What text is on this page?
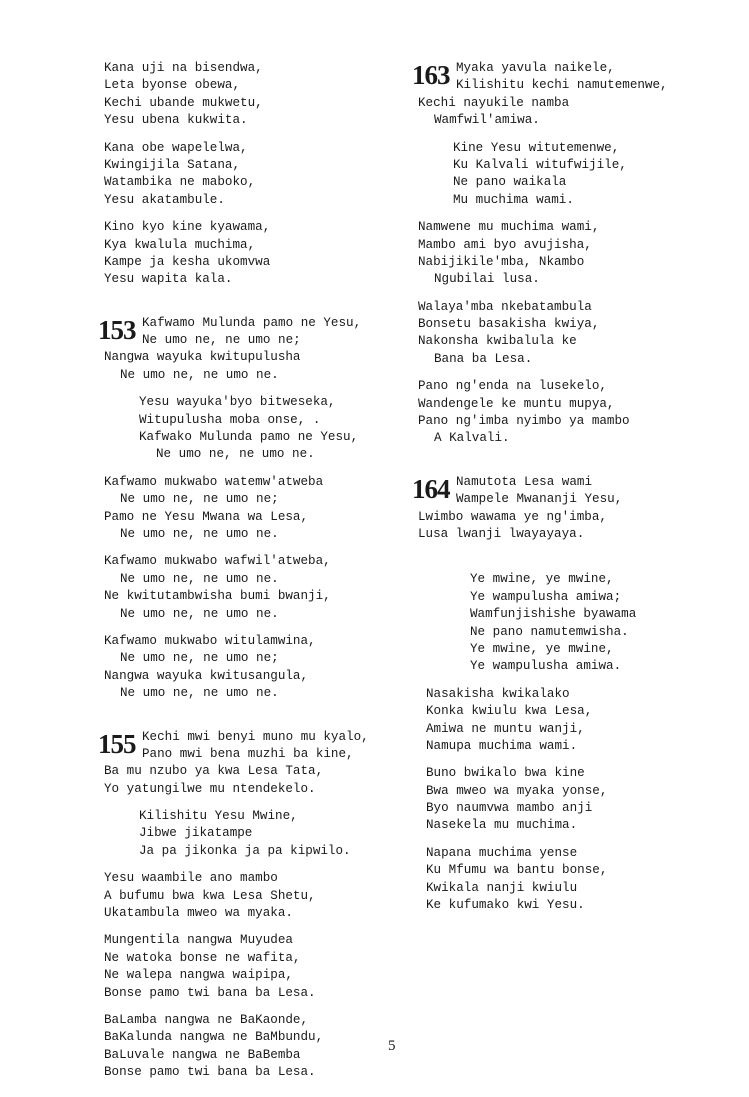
Kana uji na bisendwa,
Leta byonse obewa,
Kechi ubande mukwetu,
Yesu ubena kukwita.
Kana obe wapelelwa,
Kwingijila Satana,
Watambika ne maboko,
Yesu akatambule.
Kino kyo kine kyawama,
Kya kwalula muchima,
Kampe ja kesha ukomvwa
Yesu wapita kala.
153 Kafwamo Mulunda pamo ne Yesu,
Ne umo ne, ne umo ne;
Nangwa wayuka kwitupulusha
Ne umo ne, ne umo ne.
Yesu wayuka'byo bitweseka,
Witupulusha moba onse, .
Kafwako Mulunda pamo ne Yesu,
Ne umo ne, ne umo ne.
Kafwamo mukwabo watemw'atweba
Ne umo ne, ne umo ne;
Pamo ne Yesu Mwana wa Lesa,
Ne umo ne, ne umo ne.
Kafwamo mukwabo wafwil'atweba,
Ne umo ne, ne umo ne.
Ne kwitutambwisha bumi bwanji,
Ne umo ne, ne umo ne.
Kafwamo mukwabo witulamwina,
Ne umo ne, ne umo ne;
Nangwa wayuka kwitusangula,
Ne umo ne, ne umo ne.
155 Kechi mwi benyi muno mu kyalo,
Pano mwi bena muzhi ba kine,
Ba mu nzubo ya kwa Lesa Tata,
Yo yatungilwe mu ntendekelo.
Kilishitu Yesu Mwine,
Jibwe jikatampe
Ja pa jikonka ja pa kipwilo.
Yesu waambile ano mambo
A bufumu bwa kwa Lesa Shetu,
Ukatambula mweo wa myaka.
Mungentila nangwa Muyudea
Ne watoka bonse ne wafita,
Ne walepa nangwa waipipa,
Bonse pamo twi bana ba Lesa.
BaLamba nangwa ne BaKaonde,
BaKalunda nangwa ne BaMbundu,
BaLuvale nangwa ne BaBemba
Bonse pamo twi bana ba Lesa.
163 Myaka yavula naikele,
Kilishitu kechi namutemenwe,
Kechi nayukile namba
Wamfwil'amiwa.
Kine Yesu witutemenwe,
Ku Kalvali witufwijile,
Ne pano waikala
Mu muchima wami.
Namwene mu muchima wami,
Mambo ami byo avujisha,
Nabijikile'mba, Nkambo
Ngubilai lusa.
Walaya'mba nkebatambula
Bonsetu basakisha kwiya,
Nakonsha kwibalula ke
Bana ba Lesa.
Pano ng'enda na lusekelo,
Wandengele ke muntu mupya,
Pano ng'imba nyimbo ya mambo
A Kalvali.
164 Namutota Lesa wami
Wampele Mwananji Yesu,
Lwimbo wawama ye ng'imba,
Lusa lwanji lwayayaya.
Ye mwine, ye mwine,
Ye wampulusha amiwa;
Wamfunjishishe byawama
Ne pano namutemwisha.
Ye mwine, ye mwine,
Ye wampulusha amiwa.
Nasakisha kwikalako
Konka kwiulu kwa Lesa,
Amiwa ne muntu wanji,
Namupa muchima wami.
Buno bwikalo bwa kine
Bwa mweo wa myaka yonse,
Byo naumvwa mambo anji
Nasekela mu muchima.
Napana muchima yense
Ku Mfumu wa bantu bonse,
Kwikala nanji kwiulu
Ke kufumako kwi Yesu.
5
